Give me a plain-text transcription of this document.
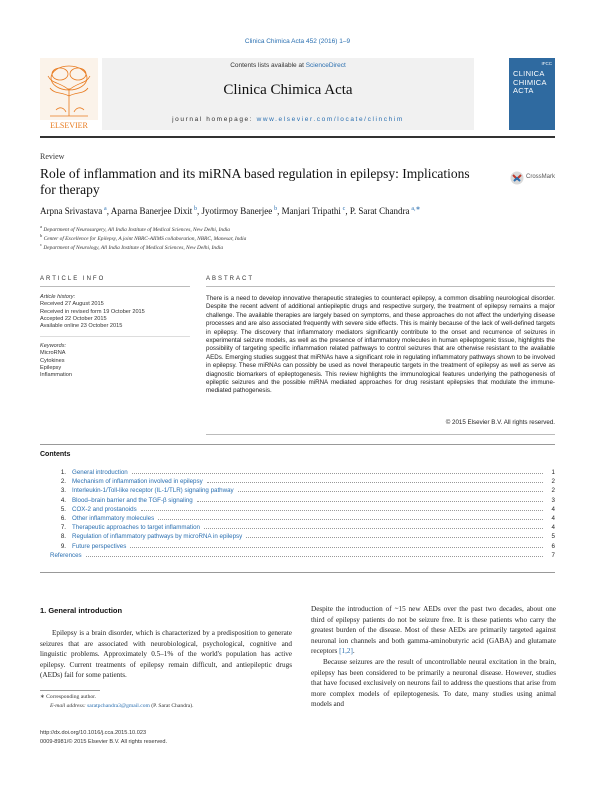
Clinica Chimica Acta 452 (2016) 1–9
ELSEVIER
Contents lists available at ScienceDirect
Clinica Chimica Acta
journal homepage: www.elsevier.com/locate/clinchim
IFCC
CLINICA CHIMICA ACTA
Review
Role of inflammation and its miRNA based regulation in epilepsy: Implications for therapy
CrossMark
Arpna Srivastava  $^a$, Aparna Banerjee Dixit  $^b$, Jyotirmoy Banerjee  $^b$, Manjari Tripathi  $^c$, P. Sarat Chandra  $^{a,∗}$
$^a$ Department of Neurosurgery, All India Institute of Medical Sciences, New Delhi, India
$^b$ Center of Excellence for Epilepsy, A joint NBRC-AIIMS collaboration, NBRC, Manesar, India
$^c$ Department of Neurology, All India Institute of Medical Sciences, New Delhi, India
ARTICLE INFO	ABSTRACT
Article history:
Received 27 August 2015
Received in revised form 19 October 2015
Accepted 22 October 2015
Available online 23 October 2015
Keywords:
MicroRNA
Cytokines
Epilepsy
Inflammation
There is a need to develop innovative therapeutic strategies to counteract epilepsy, a common disabling neurological disorder. Despite the recent advent of additional antiepileptic drugs and respective surgery, the treatment of epilepsy remains a major challenge. The available therapies are largely based on symptoms, and these approaches do not affect the underlying disease processes and are also associated frequently with severe side effects. This is mainly because of the lack of well-defined targets in epilepsy. The discovery that inflammatory mediators significantly contribute to the onset and recurrence of seizures in experimental seizure models, as well as the presence of inflammatory molecules in human epileptogenic tissue, highlights the possibility of targeting specific inflammation related pathways to control seizures that are otherwise resistant to the available AEDs. Emerging studies suggest that miRNAs have a significant role in regulating inflammatory pathways shown to be involved in epilepsy. These miRNAs can possibly be used as novel therapeutic targets in the treatment of epilepsy as well as serve as diagnostic biomarkers of epileptogenesis. This review highlights the immunological features underlying the pathogenesis of epileptic seizures and the possible miRNA mediated approaches for drug resistant epilepsies that modulate the immune-mediated pathogenesis.
© 2015 Elsevier B.V. All rights reserved.
Contents
1. General introduction	1
2. Mechanism of inflammation involved in epilepsy	2
3. Interleukin-1/Toll-like receptor (IL-1/TLR) signaling pathway	2
4. Blood–brain barrier and the TGF-β signaling	3
5. COX-2 and prostanoids	4
6. Other inflammatory molecules	4
7. Therapeutic approaches to target inflammation	4
8. Regulation of inflammatory pathways by microRNA in epilepsy	5
9. Future perspectives	6
References	7
1. General introduction
Epilepsy is a brain disorder, which is characterized by a predisposition to generate seizures that are associated with neurobiological, psychological, cognitive and linguistic problems. Approximately 0.5–1% of the world's population has active epilepsy. Current treatments of epilepsy remain difficult, and antiepileptic drugs (AEDs) fail for some patients.
Despite the introduction of ~15 new AEDs over the past two decades, about one third of epilepsy patients do not be seizure free. It is these patients who carry the greatest burden of the disease. Most of these AEDs are primarily targeted against neuronal ion channels and both gamma-aminobutyric acid (GABA) and glutamate receptors [1,2].
Because seizures are the result of uncontrollable neural excitation in the brain, epilepsy has been considered to be primarily a neuronal disease. However, studies that have focused exclusively on neurons fail to address the questions that arise from more complex models of epileptogenesis. To date, many studies using animal models and
∗ Corresponding author.
E-mail address: saratpchandra3@gmail.com (P. Sarat Chandra).
http://dx.doi.org/10.1016/j.cca.2015.10.023
0009-8981/© 2015 Elsevier B.V. All rights reserved.
